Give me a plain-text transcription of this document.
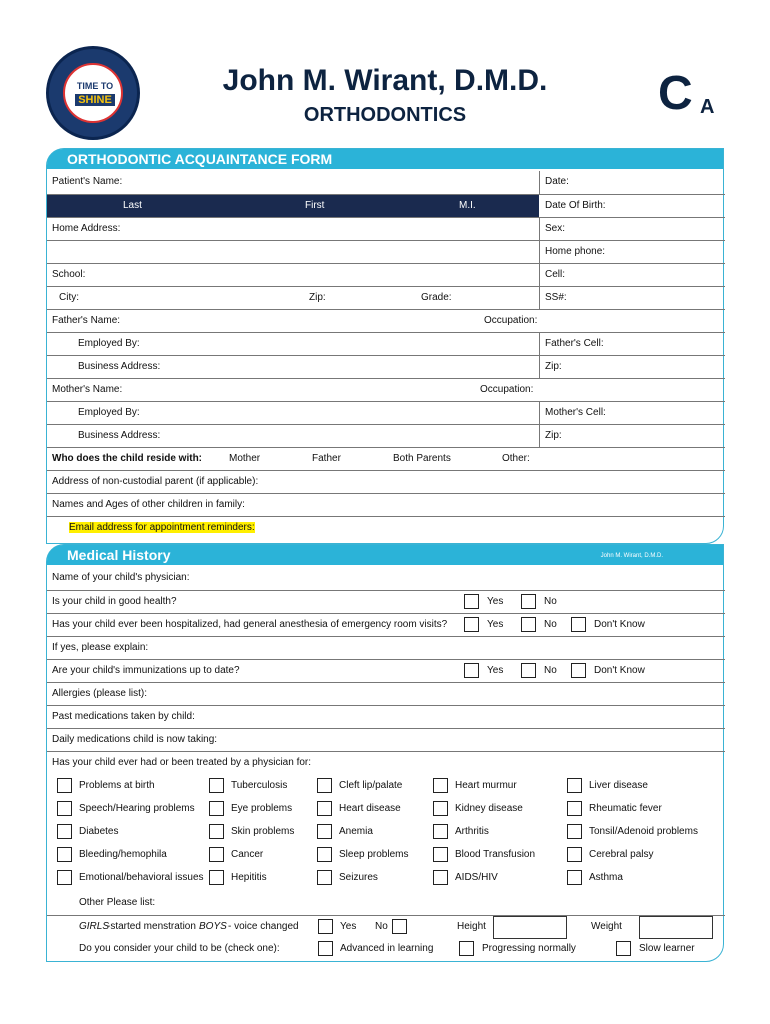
TIME TO
SHINE
John M. Wirant, D.M.D.
ORTHODONTICS	C A
ORTHODONTIC ACQUAINTANCE FORM
Patient's Name:	Date:
Last	First	M.I.	Date Of Birth:
Home Address:	Sex:
Home phone:
School:	Cell:
City:	Zip:	Grade:	SS#:
Father's Name:	Occupation:
Employed By:	Father's Cell:
Business Address:	Zip:
Mother's Name:	Occupation:
Employed By:	Mother's Cell:
Business Address:	Zip:
Who does the child reside with:	Mother	Father	Both Parents	Other:
Address of non-custodial parent (if applicable):
Names and Ages of other children in family:
Email address for appointment reminders:
Medical History	John M. Wirant, D.M.D.
Name of your child's physician:
Is your child in good health?	Yes	No
Has your child ever been hospitalized, had general anesthesia of emergency room visits?	Yes	No	Don't Know
If yes, please explain:
Are your child's immunizations up to date?	Yes	No	Don't Know
Allergies (please list):
Past medications taken by child:
Daily medications child is now taking:
Has your child ever had or been treated by a physician for:
Problems at birth	Tuberculosis	Cleft lip/palate	Heart murmur	Liver disease
Speech/Hearing problems	Eye problems	Heart disease	Kidney disease	Rheumatic fever
Diabetes	Skin problems	Anemia	Arthritis	Tonsil/Adenoid problems
Bleeding/hemophila	Cancer	Sleep problems	Blood Transfusion	Cerebral palsy
Emotional/behavioral issues	Hepititis	Seizures	AIDS/HIV	Asthma
Other Please list:
GIRLS
-started menstration BOYS - voice changed	Yes No	Height	Weight
Do you consider your child to be (check one):	Advanced in learning	Progressing normally	Slow learner
